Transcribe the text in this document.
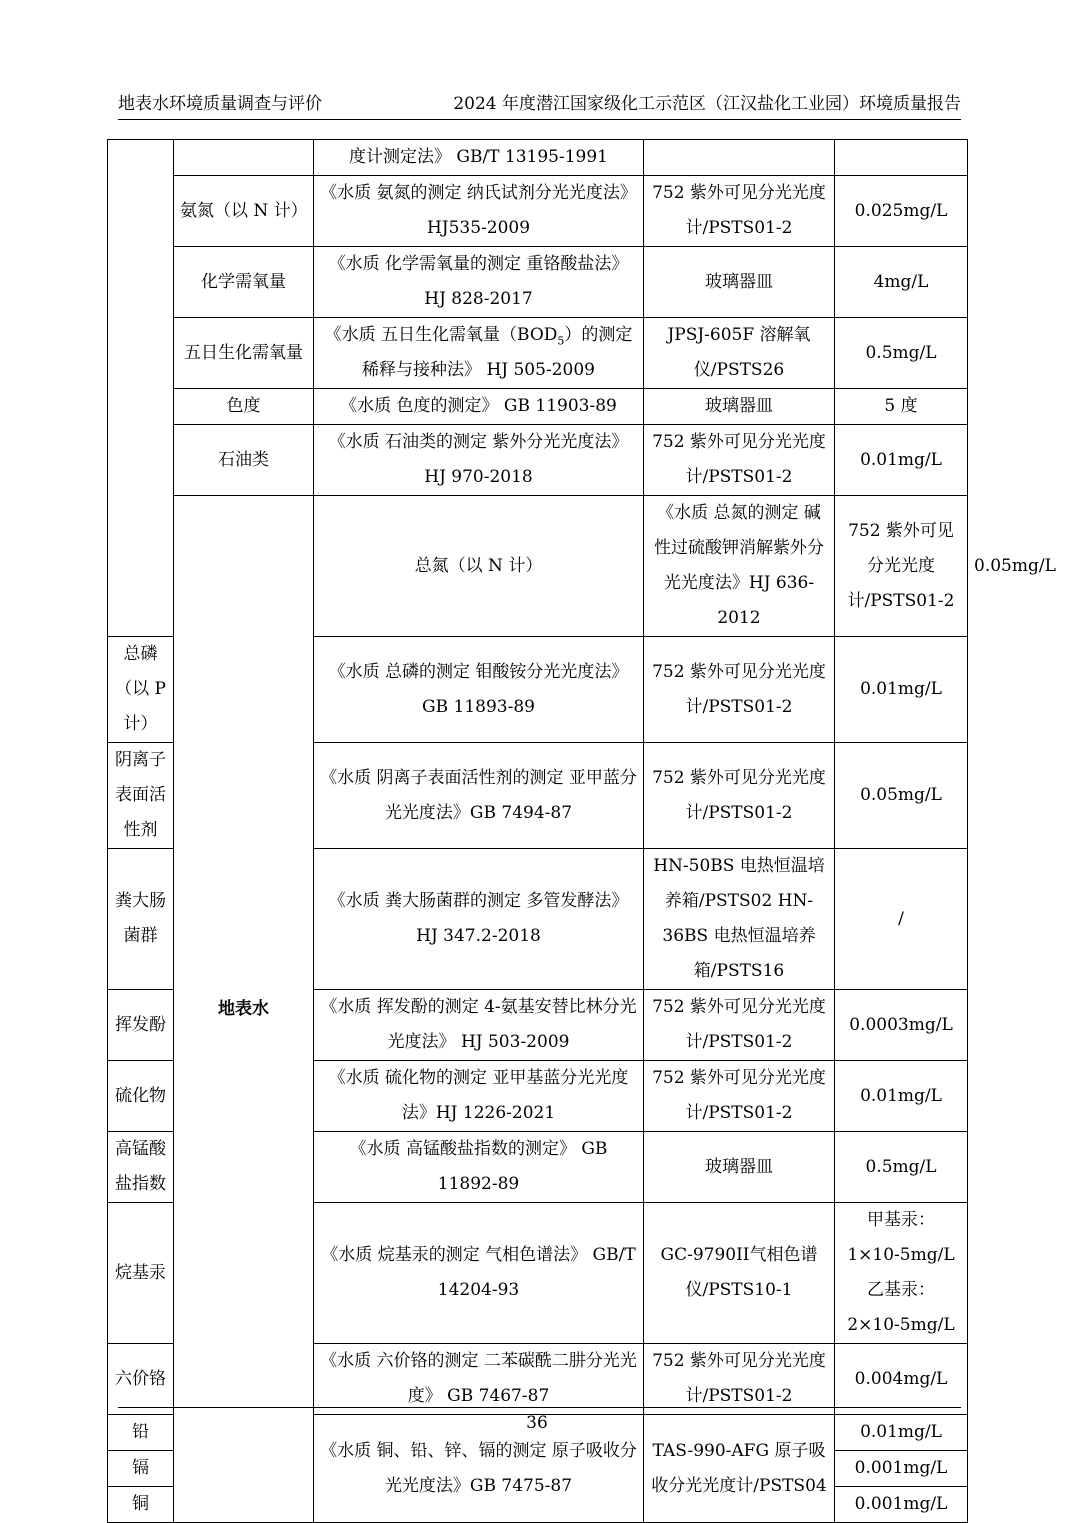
地表水环境质量调查与评价	2024 年度潜江国家级化工示范区（江汉盐化工业园）环境质量报告
		度计测定法》 GB/T 13195-1991			
	氨氮（以 N 计）	《水质 氨氮的测定 纳氏试剂分光光度法》HJ535-2009	752 紫外可见分光光度计/PSTS01-2	0.025mg/L	
	化学需氧量	《水质 化学需氧量的测定 重铬酸盐法》HJ 828-2017	玻璃器皿	4mg/L	
	五日生化需氧量	《水质 五日生化需氧量$(BOD_5)$的测定 稀释与接种法》 HJ 505-2009	JPSJ-605F 溶解氧仪/PSTS26	0.5mg/L	
	色度	《水质 色度的测定》 GB 11903-89	玻璃器皿	5 度	
	石油类	《水质 石油类的测定 紫外分光光度法》HJ 970-2018	752 紫外可见分光光度计/PSTS01-2	0.01mg/L	
	地表水	总氮（以 N 计）	《水质 总氮的测定 碱性过硫酸钾消解紫外分光光度法》HJ 636-2012	752 紫外可见分光光度计/PSTS01-2	0.05mg/L
总磷（以 P 计）		《水质 总磷的测定 钼酸铵分光光度法》GB 11893-89	752 紫外可见分光光度计/PSTS01-2	0.01mg/L	
阴离子表面活性剂		《水质 阴离子表面活性剂的测定 亚甲蓝分光光度法》GB 7494-87	752 紫外可见分光光度计/PSTS01-2	0.05mg/L	
粪大肠菌群		《水质 粪大肠菌群的测定 多管发酵法》HJ 347.2-2018	HN-50BS 电热恒温培养箱/PSTS02 HN-36BS 电热恒温培养箱/PSTS16	/	
挥发酚		《水质 挥发酚的测定 4-氨基安替比林分光光度法》 HJ 503-2009	752 紫外可见分光光度计/PSTS01-2	0.0003mg/L	
硫化物		《水质 硫化物的测定 亚甲基蓝分光光度法》HJ 1226-2021	752 紫外可见分光光度计/PSTS01-2	0.01mg/L	
高锰酸盐指数		《水质 高锰酸盐指数的测定》 GB 11892-89	玻璃器皿	0.5mg/L	
烷基汞		《水质 烷基汞的测定 气相色谱法》 GB/T 14204-93	GC-9790II气相色谱仪/PSTS10-1	甲基汞：1×10-5mg/L 乙基汞：2×10-5mg/L	
六价铬		《水质 六价铬的测定 二苯碳酰二肼分光光度》 GB 7467-87	752 紫外可见分光光度计/PSTS01-2	0.004mg/L	
铅		《水质 铜、铅、锌、镉的测定 原子吸收分光光度法》GB 7475-87	TAS-990-AFG 原子吸收分光光度计/PSTS04	0.01mg/L	
镉				0.001mg/L	
铜				0.001mg/L	
36
